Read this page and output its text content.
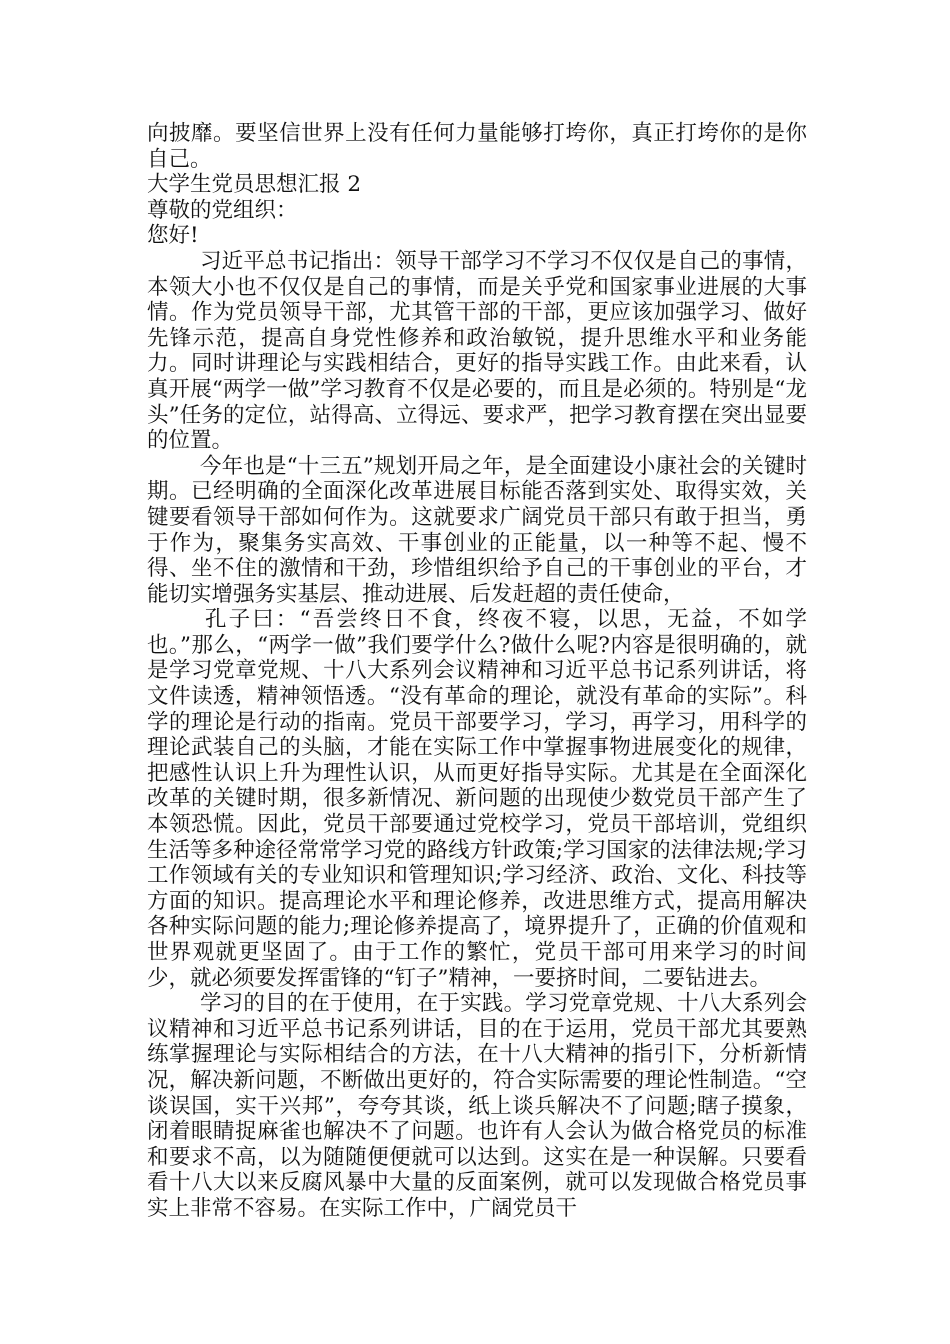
向披靡。要坚信世界上没有任何力量能够打垮你，真正打垮你的是你自己。

大学生党员思想汇报 2

尊敬的党组织：

您好!

习近平总书记指出：领导干部学习不学习不仅仅是自己的事情，本领大小也不仅仅是自己的事情，而是关乎党和国家事业进展的大事情。作为党员领导干部，尤其管干部的干部，更应该加强学习、做好先锋示范，提高自身党性修养和政治敏锐，提升思维水平和业务能力。同时讲理论与实践相结合，更好的指导实践工作。由此来看，认真开展“两学一做”学习教育不仅是必要的，而且是必须的。特别是“龙头”任务的定位，站得高、立得远、要求严，把学习教育摆在突出显要的位置。

今年也是“十三五”规划开局之年，是全面建设小康社会的关键时期。已经明确的全面深化改革进展目标能否落到实处、取得实效，关键要看领导干部如何作为。这就要求广阔党员干部只有敢于担当，勇于作为，聚集务实高效、干事创业的正能量，以一种等不起、慢不得、坐不住的激情和干劲，珍惜组织给予自己的干事创业的平台，才能切实增强务实基层、推动进展、后发赶超的责任使命，

孔子曰：“吾尝终日不食，终夜不寝，以思，无益，不如学也。”那么，“两学一做”我们要学什么?做什么呢?内容是很明确的，就是学习党章党规、十八大系列会议精神和习近平总书记系列讲话，将文件读透，精神领悟透。“没有革命的理论，就没有革命的实际”。科学的理论是行动的指南。党员干部要学习，学习，再学习，用科学的理论武装自己的头脑，才能在实际工作中掌握事物进展变化的规律，把感性认识上升为理性认识，从而更好指导实际。尤其是在全面深化改革的关键时期，很多新情况、新问题的出现使少数党员干部产生了本领恐慌。因此，党员干部要通过党校学习，党员干部培训，党组织生活等多种途径常常学习党的路线方针政策;学习国家的法律法规;学习工作领域有关的专业知识和管理知识;学习经济、政治、文化、科技等方面的知识。提高理论水平和理论修养，改进思维方式，提高用解决各种实际问题的能力;理论修养提高了，境界提升了，正确的价值观和世界观就更坚固了。由于工作的繁忙，党员干部可用来学习的时间少，就必须要发挥雷锋的“钉子”精神，一要挤时间，二要钻进去。

学习的目的在于使用，在于实践。学习党章党规、十八大系列会议精神和习近平总书记系列讲话，目的在于运用，党员干部尤其要熟练掌握理论与实际相结合的方法，在十八大精神的指引下，分析新情况，解决新问题，不断做出更好的，符合实际需要的理论性制造。“空谈误国，实干兴邦”，夸夸其谈，纸上谈兵解决不了问题;瞎子摸象，闭着眼睛捉麻雀也解决不了问题。也许有人会认为做合格党员的标准和要求不高，以为随随便便就可以达到。这实在是一种误解。只要看看十八大以来反腐风暴中大量的反面案例，就可以发现做合格党员事实上非常不容易。在实际工作中，广阔党员干
